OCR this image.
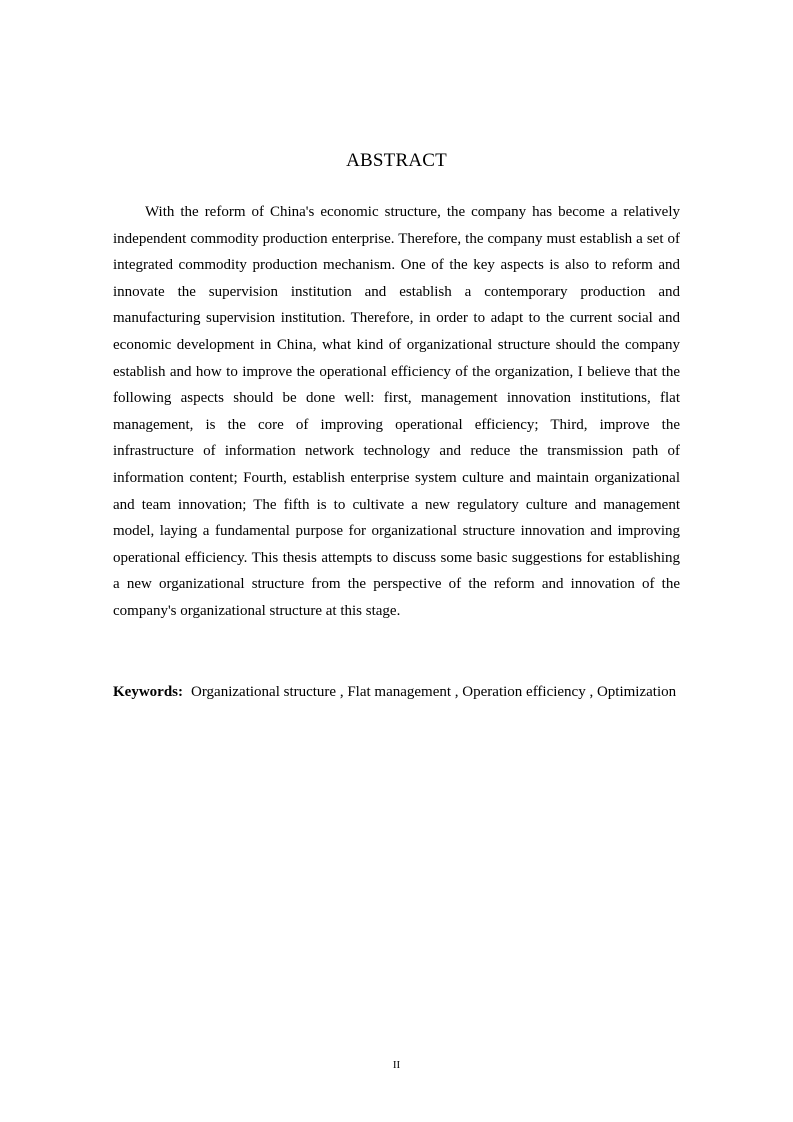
ABSTRACT

With the reform of China's economic structure, the company has become a relatively independent commodity production enterprise. Therefore, the company must establish a set of integrated commodity production mechanism. One of the key aspects is also to reform and innovate the supervision institution and establish a contemporary production and manufacturing supervision institution. Therefore, in order to adapt to the current social and economic development in China, what kind of organizational structure should the company establish and how to improve the operational efficiency of the organization, I believe that the following aspects should be done well: first, management innovation institutions, flat management, is the core of improving operational efficiency; Third, improve the infrastructure of information network technology and reduce the transmission path of information content; Fourth, establish enterprise system culture and maintain organizational and team innovation; The fifth is to cultivate a new regulatory culture and management model, laying a fundamental purpose for organizational structure innovation and improving operational efficiency. This thesis attempts to discuss some basic suggestions for establishing a new organizational structure from the perspective of the reform and innovation of the company's organizational structure at this stage.

Keywords: Organizational structure , Flat management , Operation efficiency , Optimization
II
